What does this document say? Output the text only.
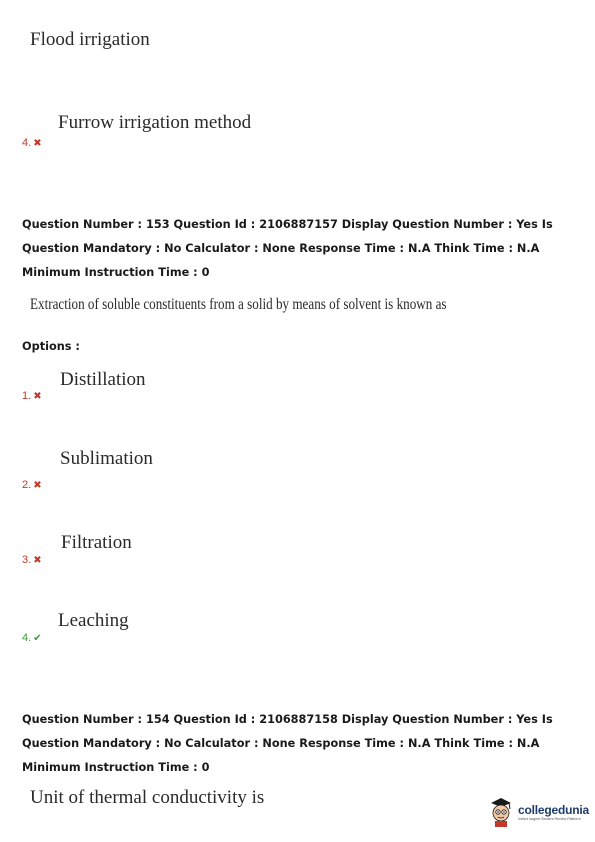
Flood irrigation
Furrow irrigation method
4. ✖
Question Number : 153 Question Id : 2106887157 Display Question Number : Yes Is Question Mandatory : No Calculator : None Response Time : N.A Think Time : N.A Minimum Instruction Time : 0
Extraction of soluble constituents from a solid by means of solvent is known as
Options :
Distillation
1. ✖
Sublimation
2. ✖
Filtration
3. ✖
Leaching
4. ✔
Question Number : 154 Question Id : 2106887158 Display Question Number : Yes Is Question Mandatory : No Calculator : None Response Time : N.A Think Time : N.A Minimum Instruction Time : 0
Unit of thermal conductivity is
collegedunia
India's largest Student Review Platform
